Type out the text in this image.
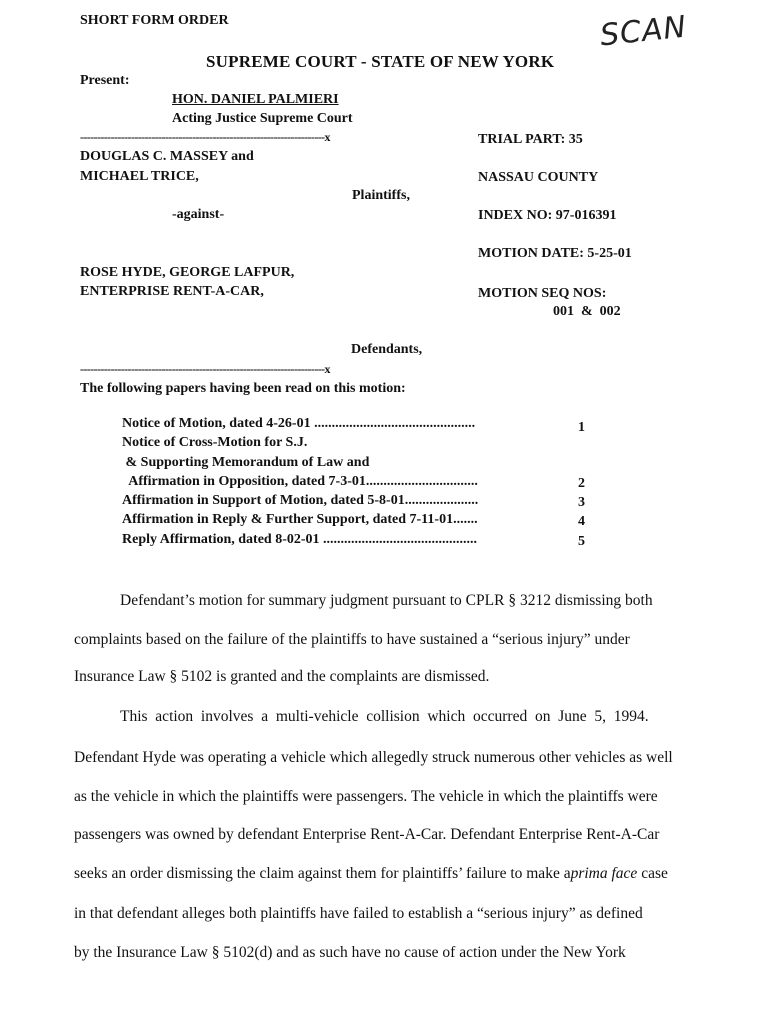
SHORT FORM ORDER	SCAN
SUPREME COURT - STATE OF NEW YORK
Present:
HON. DANIEL PALMIERI
Acting Justice Supreme Court
------------------------------------------------------------------------x
DOUGLAS C. MASSEY and
MICHAEL TRICE,
Plaintiffs,
-against-
ROSE HYDE, GEORGE LAFPUR,
ENTERPRISE RENT-A-CAR,
Defendants,
------------------------------------------------------------------------x
TRIAL PART: 35
NASSAU COUNTY
INDEX NO: 97-016391
MOTION DATE: 5-25-01
MOTION SEQ NOS:
001  &  002
The following papers having been read on this motion:
Notice of Motion, dated 4-26-01 ..............................................	1
Notice of Cross-Motion for S.J.
& Supporting Memorandum of Law and
Affirmation in Opposition, dated 7-3-01................................	2
Affirmation in Support of Motion, dated 5-8-01.....................	3
Affirmation in Reply & Further Support, dated 7-11-01.......	4
Reply Affirmation, dated 8-02-01 ............................................	5
Defendant’s motion for summary judgment pursuant to CPLR § 3212 dismissing both
complaints based on the failure of the plaintiffs to have sustained a “serious injury” under
Insurance Law § 5102 is granted and the complaints are dismissed.
This  action  involves  a  multi-vehicle  collision  which  occurred  on  June  5,  1994.
Defendant Hyde was operating a vehicle which allegedly struck numerous other vehicles as well
as the vehicle in which the plaintiffs were passengers. The vehicle in which the plaintiffs were
passengers was owned by defendant Enterprise Rent-A-Car. Defendant Enterprise Rent-A-Car
seeks an order dismissing the claim against them for plaintiffs’ failure to make aprima face case
in that defendant alleges both plaintiffs have failed to establish a “serious injury” as defined
by the Insurance Law § 5102(d) and as such have no cause of action under the New York
